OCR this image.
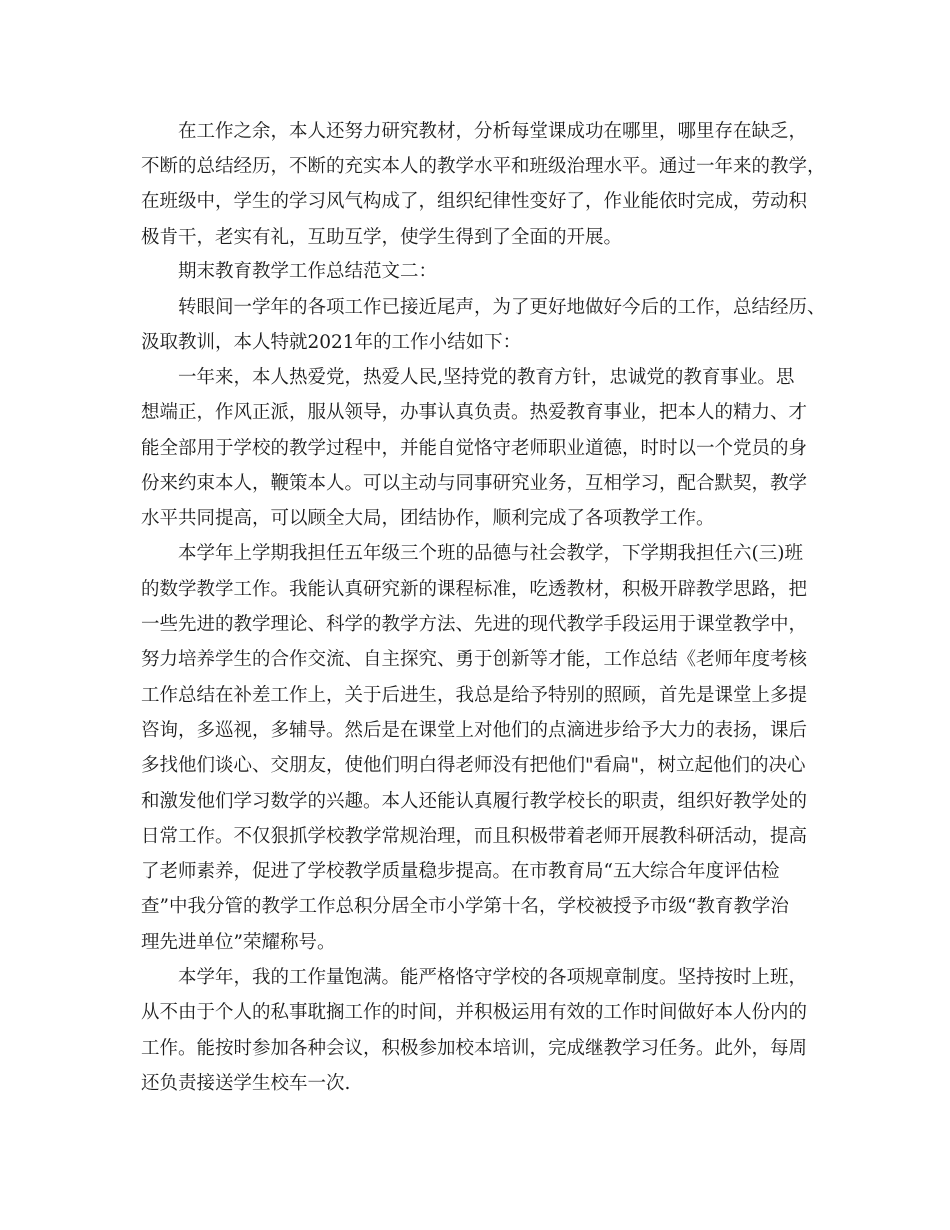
在工作之余，本人还努力研究教材，分析每堂课成功在哪里，哪里存在缺乏，
不断的总结经历，不断的充实本人的教学水平和班级治理水平。通过一年来的教学，
在班级中，学生的学习风气构成了，组织纪律性变好了，作业能依时完成，劳动积
极肯干，老实有礼，互助互学，使学生得到了全面的开展。
期末教育教学工作总结范文二：
转眼间一学年的各项工作已接近尾声，为了更好地做好今后的工作，总结经历、
汲取教训，本人特就2021年的工作小结如下：
一年来，本人热爱党，热爱人民,坚持党的教育方针，忠诚党的教育事业。思
想端正，作风正派，服从领导，办事认真负责。热爱教育事业，把本人的精力、才
能全部用于学校的教学过程中，并能自觉恪守老师职业道德，时时以一个党员的身
份来约束本人，鞭策本人。可以主动与同事研究业务，互相学习，配合默契，教学
水平共同提高，可以顾全大局，团结协作，顺利完成了各项教学工作。
本学年上学期我担任五年级三个班的品德与社会教学，下学期我担任六(三)班
的数学教学工作。我能认真研究新的课程标准，吃透教材，积极开辟教学思路，把
一些先进的教学理论、科学的教学方法、先进的现代教学手段运用于课堂教学中，
努力培养学生的合作交流、自主探究、勇于创新等才能，工作总结《老师年度考核
工作总结在补差工作上，关于后进生，我总是给予特别的照顾，首先是课堂上多提
咨询，多巡视，多辅导。然后是在课堂上对他们的点滴进步给予大力的表扬，课后
多找他们谈心、交朋友，使他们明白得老师没有把他们"看扁"，树立起他们的决心
和激发他们学习数学的兴趣。本人还能认真履行教学校长的职责，组织好教学处的
日常工作。不仅狠抓学校教学常规治理，而且积极带着老师开展教科研活动，提高
了老师素养，促进了学校教学质量稳步提高。在市教育局“五大综合年度评估检
查”中我分管的教学工作总积分居全市小学第十名，学校被授予市级“教育教学治
理先进单位”荣耀称号。
本学年，我的工作量饱满。能严格恪守学校的各项规章制度。坚持按时上班，
从不由于个人的私事耽搁工作的时间，并积极运用有效的工作时间做好本人份内的
工作。能按时参加各种会议，积极参加校本培训，完成继教学习任务。此外，每周
还负责接送学生校车一次.
